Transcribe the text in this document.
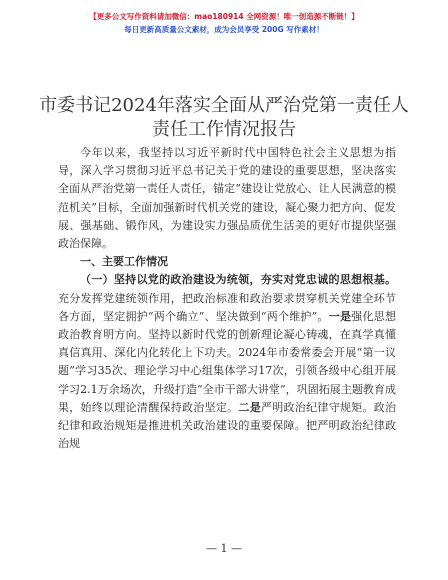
【更多公文写作资料请加微信：mao180914 全网资源！唯一创造源不断链！】
每日更新高质量公文素材，成为会员享受 200G 写作素材！
市委书记2024年落实全面从严治党第一责任人
责任工作情况报告

今年以来，我坚持以习近平新时代中国特色社会主义思想为指导，深入学习贯彻习近平总书记关于党的建设的重要思想，坚决落实全面从严治党第一责任人责任，锚定“建设让党放心、让人民满意的模范机关”目标，全面加强新时代机关党的建设，凝心聚力把方向、促发展、强基础、锻作风，为建设实力强品质优生活美的更好市提供坚强政治保障。

一、主要工作情况

（一）坚持以党的政治建设为统领，夯实对党忠诚的思想根基。充分发挥党建统领作用，把政治标准和政治要求贯穿机关党建全环节各方面，坚定拥护“两个确立”、坚决做到“两个维护”。一是强化思想政治教育明方向。坚持以新时代党的创新理论凝心铸魂，在真学真懂真信真用、深化内化转化上下功夫。2024年市委常委会开展“第一议题”学习35次、理论学习中心组集体学习17次，引领各级中心组开展学习2.1万余场次，升级打造“全市干部大讲堂”，巩固拓展主题教育成果，始终以理论清醒保持政治坚定。二是严明政治纪律守规矩。政治纪律和政治规矩是推进机关政治建设的重要保障。把严明政治纪律政治规

— 1 —
